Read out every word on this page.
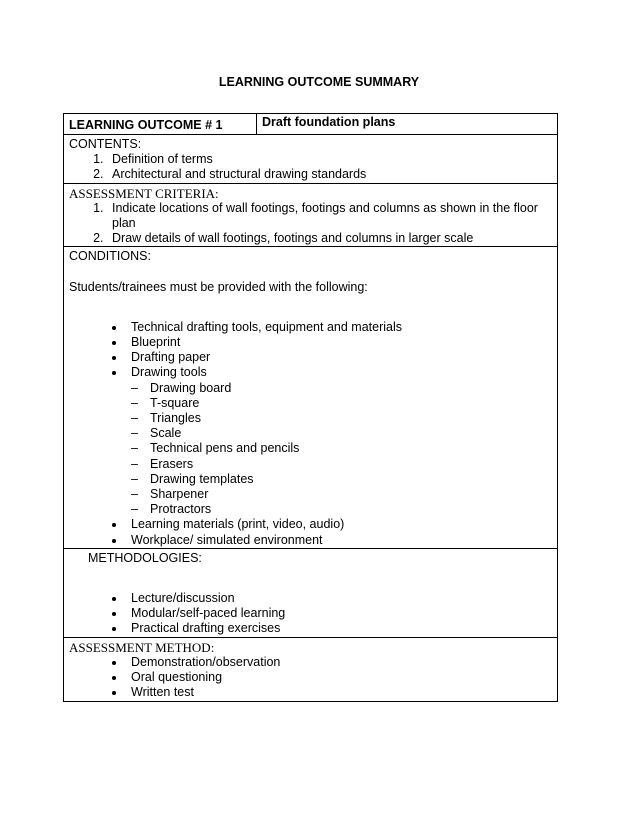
LEARNING OUTCOME SUMMARY
LEARNING OUTCOME # 1	Draft foundation plans

CONTENTS:
1. Definition of terms
2. Architectural and structural drawing standards

ASSESSMENT CRITERIA:
1. Indicate locations of wall footings, footings and columns as shown in the floor plan
2. Draw details of wall footings, footings and columns in larger scale

CONDITIONS:
Students/trainees must be provided with the following:
• Technical drafting tools, equipment and materials
• Blueprint
• Drafting paper
• Drawing tools
– Drawing board
– T-square
– Triangles
– Scale
– Technical pens and pencils
– Erasers
– Drawing templates
– Sharpener
– Protractors
• Learning materials (print, video, audio)
• Workplace/ simulated environment

METHODOLOGIES:
• Lecture/discussion
• Modular/self-paced learning
• Practical drafting exercises

ASSESSMENT METHOD:
• Demonstration/observation
• Oral questioning
• Written test
